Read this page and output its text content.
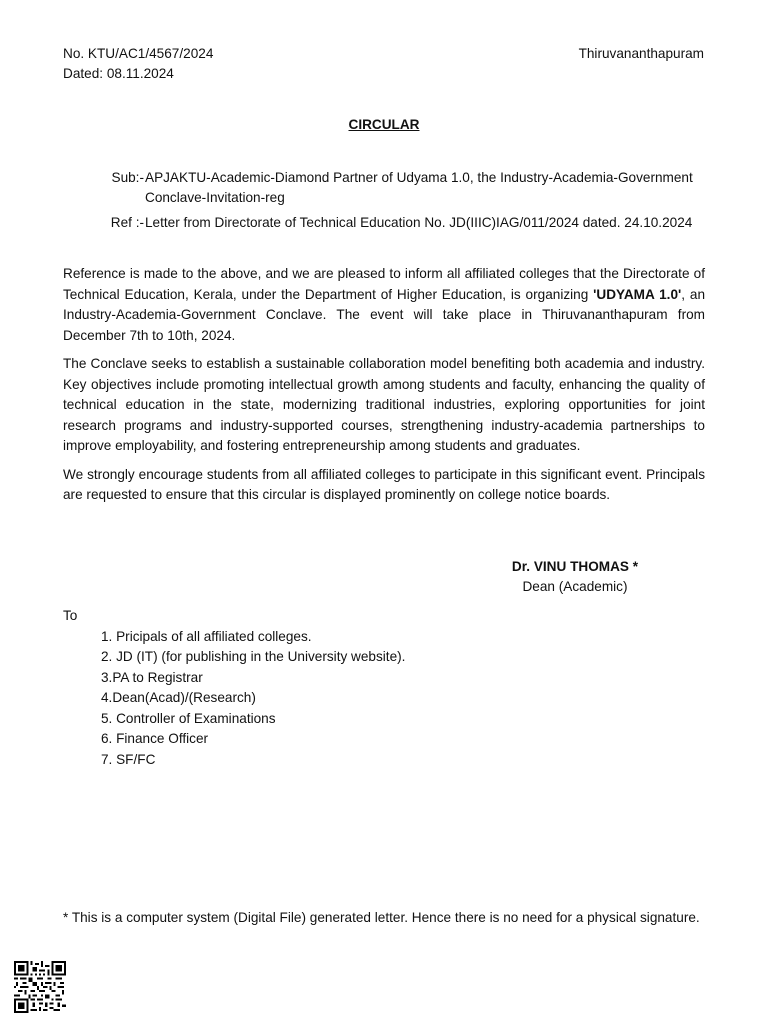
No. KTU/AC1/4567/2024
Dated: 08.11.2024
Thiruvananthapuram
CIRCULAR
Sub:- APJAKTU-Academic-Diamond Partner of Udyama 1.0, the Industry-Academia-Government Conclave-Invitation-reg
Ref :- Letter from Directorate of Technical Education No. JD(IIIC)IAG/011/2024 dated. 24.10.2024

Reference is made to the above, and we are pleased to inform all affiliated colleges that the Directorate of Technical Education, Kerala, under the Department of Higher Education, is organizing 'UDYAMA 1.0', an Industry-Academia-Government Conclave. The event will take place in Thiruvananthapuram from December 7th to 10th, 2024.

The Conclave seeks to establish a sustainable collaboration model benefiting both academia and industry. Key objectives include promoting intellectual growth among students and faculty, enhancing the quality of technical education in the state, modernizing traditional industries, exploring opportunities for joint research programs and industry-supported courses, strengthening industry-academia partnerships to improve employability, and fostering entrepreneurship among students and graduates.

We strongly encourage students from all affiliated colleges to participate in this significant event. Principals are requested to ensure that this circular is displayed prominently on college notice boards.

Dr. VINU THOMAS *
Dean (Academic)
To
1. Pricipals of all affiliated colleges.
2. JD (IT) (for publishing in the University website).
3.PA to Registrar
4.Dean(Acad)/(Research)
5. Controller of Examinations
6. Finance Officer
7. SF/FC
* This is a computer system (Digital File) generated letter. Hence there is no need for a physical signature.
